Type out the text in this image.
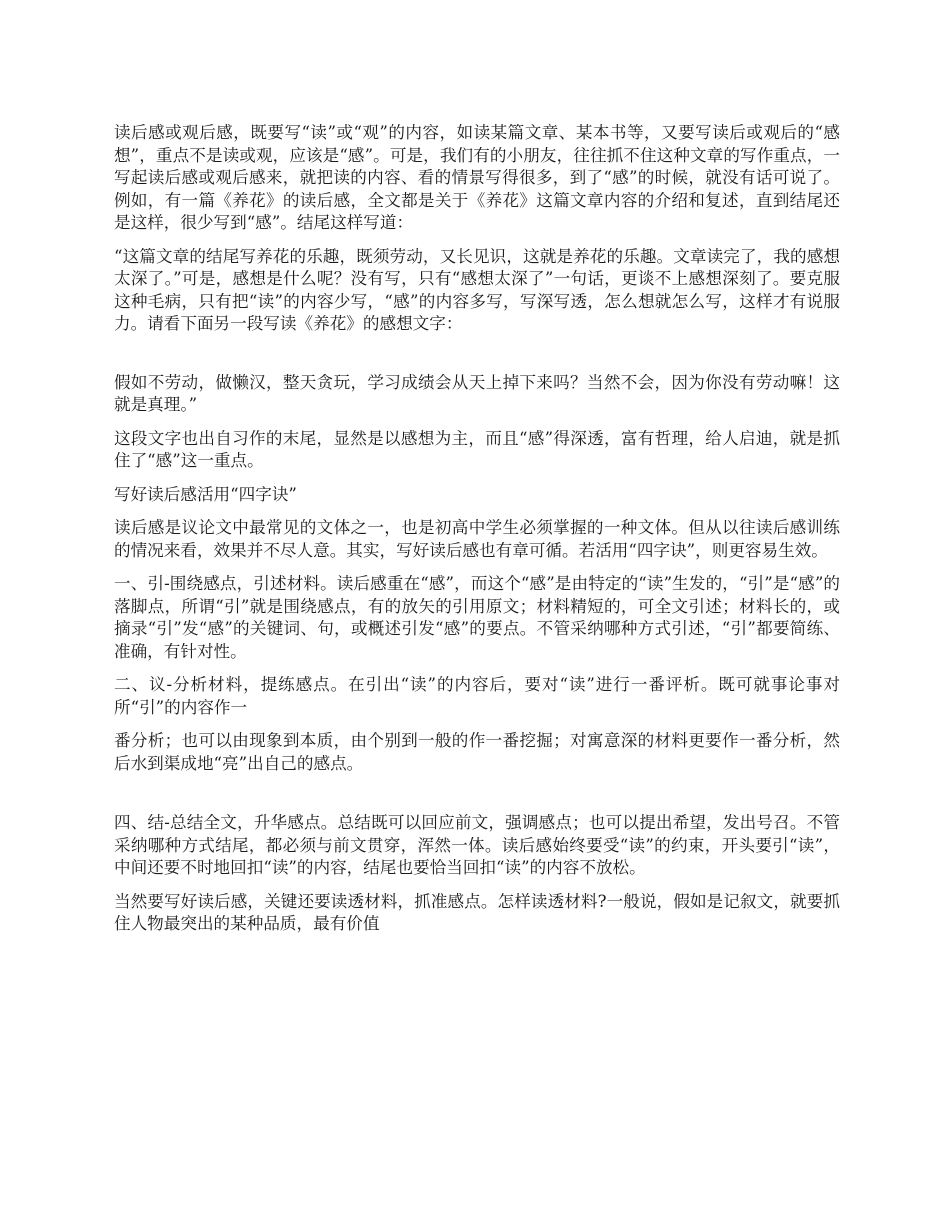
读后感或观后感，既要写“读”或“观”的内容，如读某篇文章、某本书等，又要写读后或观后的“感想”，重点不是读或观，应该是“感”。可是，我们有的小朋友，往往抓不住这种文章的写作重点，一写起读后感或观后感来，就把读的内容、看的情景写得很多，到了“感”的时候，就没有话可说了。例如，有一篇《养花》的读后感，全文都是关于《养花》这篇文章内容的介绍和复述，直到结尾还是这样，很少写到“感”。结尾这样写道：

“这篇文章的结尾写养花的乐趣，既须劳动，又长见识，这就是养花的乐趣。文章读完了，我的感想太深了。”可是，感想是什么呢？没有写，只有“感想太深了”一句话，更谈不上感想深刻了。要克服这种毛病，只有把“读”的内容少写，“感”的内容多写，写深写透，怎么想就怎么写，这样才有说服力。请看下面另一段写读《养花》的感想文字：

假如不劳动，做懒汉，整天贪玩，学习成绩会从天上掉下来吗？当然不会，因为你没有劳动嘛！这就是真理。”

这段文字也出自习作的末尾，显然是以感想为主，而且“感”得深透，富有哲理，给人启迪，就是抓住了“感”这一重点。

写好读后感活用“四字诀”

读后感是议论文中最常见的文体之一，也是初高中学生必须掌握的一种文体。但从以往读后感训练的情况来看，效果并不尽人意。其实，写好读后感也有章可循。若活用“四字诀”，则更容易生效。

一、引-围绕感点，引述材料。读后感重在“感”，而这个“感”是由特定的“读”生发的，“引”是“感”的落脚点，所谓“引”就是围绕感点，有的放矢的引用原文；材料精短的，可全文引述；材料长的，或摘录“引”发“感”的关键词、句，或概述引发“感”的要点。不管采纳哪种方式引述，“引”都要简练、准确，有针对性。

二、议-分析材料，提练感点。在引出“读”的内容后，要对“读”进行一番评析。既可就事论事对所“引”的内容作一

番分析；也可以由现象到本质，由个别到一般的作一番挖掘；对寓意深的材料更要作一番分析，然后水到渠成地“亮”出自己的感点。

四、结-总结全文，升华感点。总结既可以回应前文，强调感点；也可以提出希望，发出号召。不管采纳哪种方式结尾，都必须与前文贯穿，浑然一体。读后感始终要受“读”的约束，开头要引“读”，中间还要不时地回扣“读”的内容，结尾也要恰当回扣“读”的内容不放松。

当然要写好读后感，关键还要读透材料，抓准感点。怎样读透材料?一般说，假如是记叙文，就要抓住人物最突出的某种品质，最有价值
